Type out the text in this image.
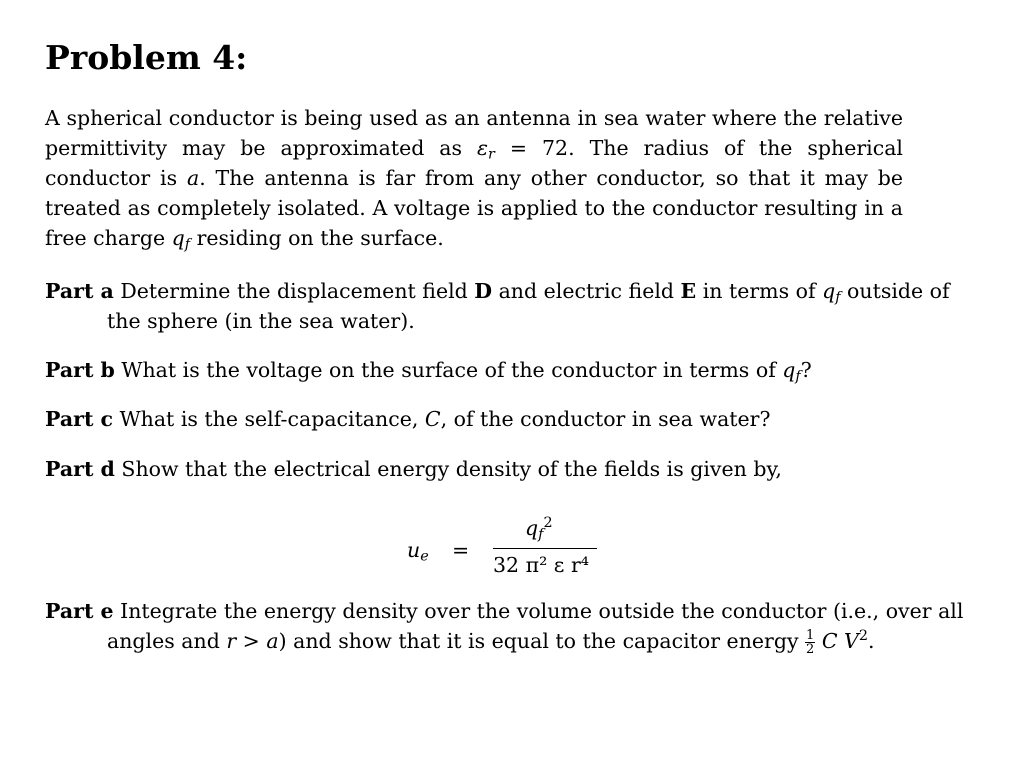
Problem 4:

A spherical conductor is being used as an antenna in sea water where the relative permittivity may be approximated as $\varepsilon_r = 72$. The radius of the spherical conductor is a. The antenna is far from any other conductor, so that it may be treated as completely isolated. A voltage is applied to the conductor resulting in a free charge $q_f$ residing on the surface.

Part a Determine the displacement field D and electric field E in terms of $q_f$ outside of the sphere (in the sea water).

Part b What is the voltage on the surface of the conductor in terms of $q_f$?

Part c What is the self-capacitance, C, of the conductor in sea water?

Part d Show that the electrical energy density of the fields is given by,

$u_e$ =
$q_f^2$
32 π² ε r⁴

Part e Integrate the energy density over the volume outside the conductor (i.e., over all angles and r > a) and show that it is equal to the capacitor energy $\frac{1}{2}$ C $V^2$.
